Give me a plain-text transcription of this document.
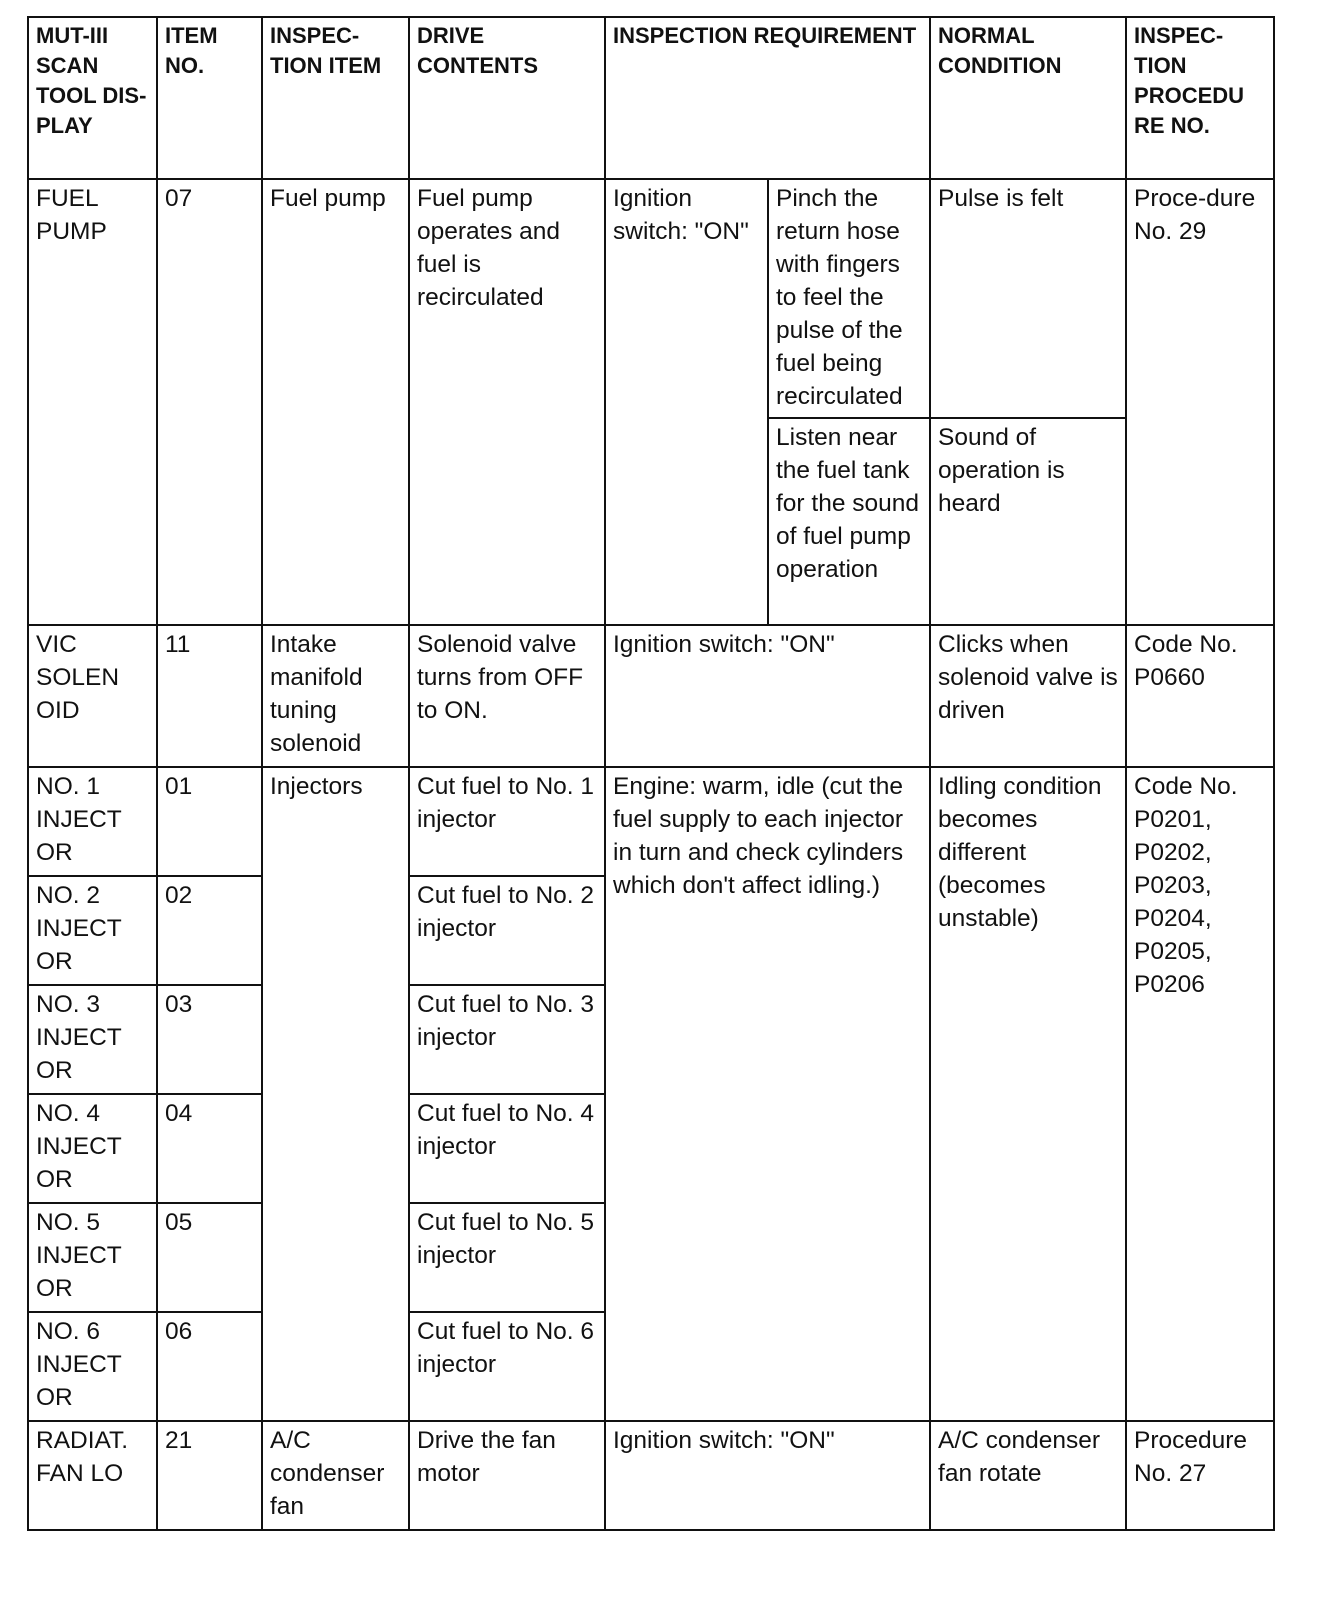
MUT-III SCAN TOOL DIS-PLAY	ITEM NO.	INSPEC-TION ITEM	DRIVE CONTENTS	INSPECTION REQUIREMENT		NORMAL CONDITION	INSPEC-TION PROCEDU RE NO.
FUEL PUMP	07	Fuel pump	Fuel pump operates and fuel is recirculated	Ignition switch: "ON"	Pinch the return hose with fingers to feel the pulse of the fuel being recirculated	Pulse is felt	Proce-dure No. 29
					Listen near the fuel tank for the sound of fuel pump operation	Sound of operation is heard	
VIC SOLEN OID	11	Intake manifold tuning solenoid	Solenoid valve turns from OFF to ON.	Ignition switch: "ON"		Clicks when solenoid valve is driven	Code No. P0660
NO. 1 INJECT OR	01	Injectors	Cut fuel to No. 1 injector	Engine: warm, idle (cut the fuel supply to each injector in turn and check cylinders which don't affect idling.)		Idling condition becomes different (becomes unstable)	Code No. P0201, P0202, P0203, P0204, P0205, P0206
NO. 2 INJECT OR	02		Cut fuel to No. 2 injector				
NO. 3 INJECT OR	03		Cut fuel to No. 3 injector				
NO. 4 INJECT OR	04		Cut fuel to No. 4 injector				
NO. 5 INJECT OR	05		Cut fuel to No. 5 injector				
NO. 6 INJECT OR	06		Cut fuel to No. 6 injector				
RADIAT. FAN LO	21	A/C condenser fan	Drive the fan motor	Ignition switch: "ON"		A/C condenser fan rotate	Procedure No. 27
